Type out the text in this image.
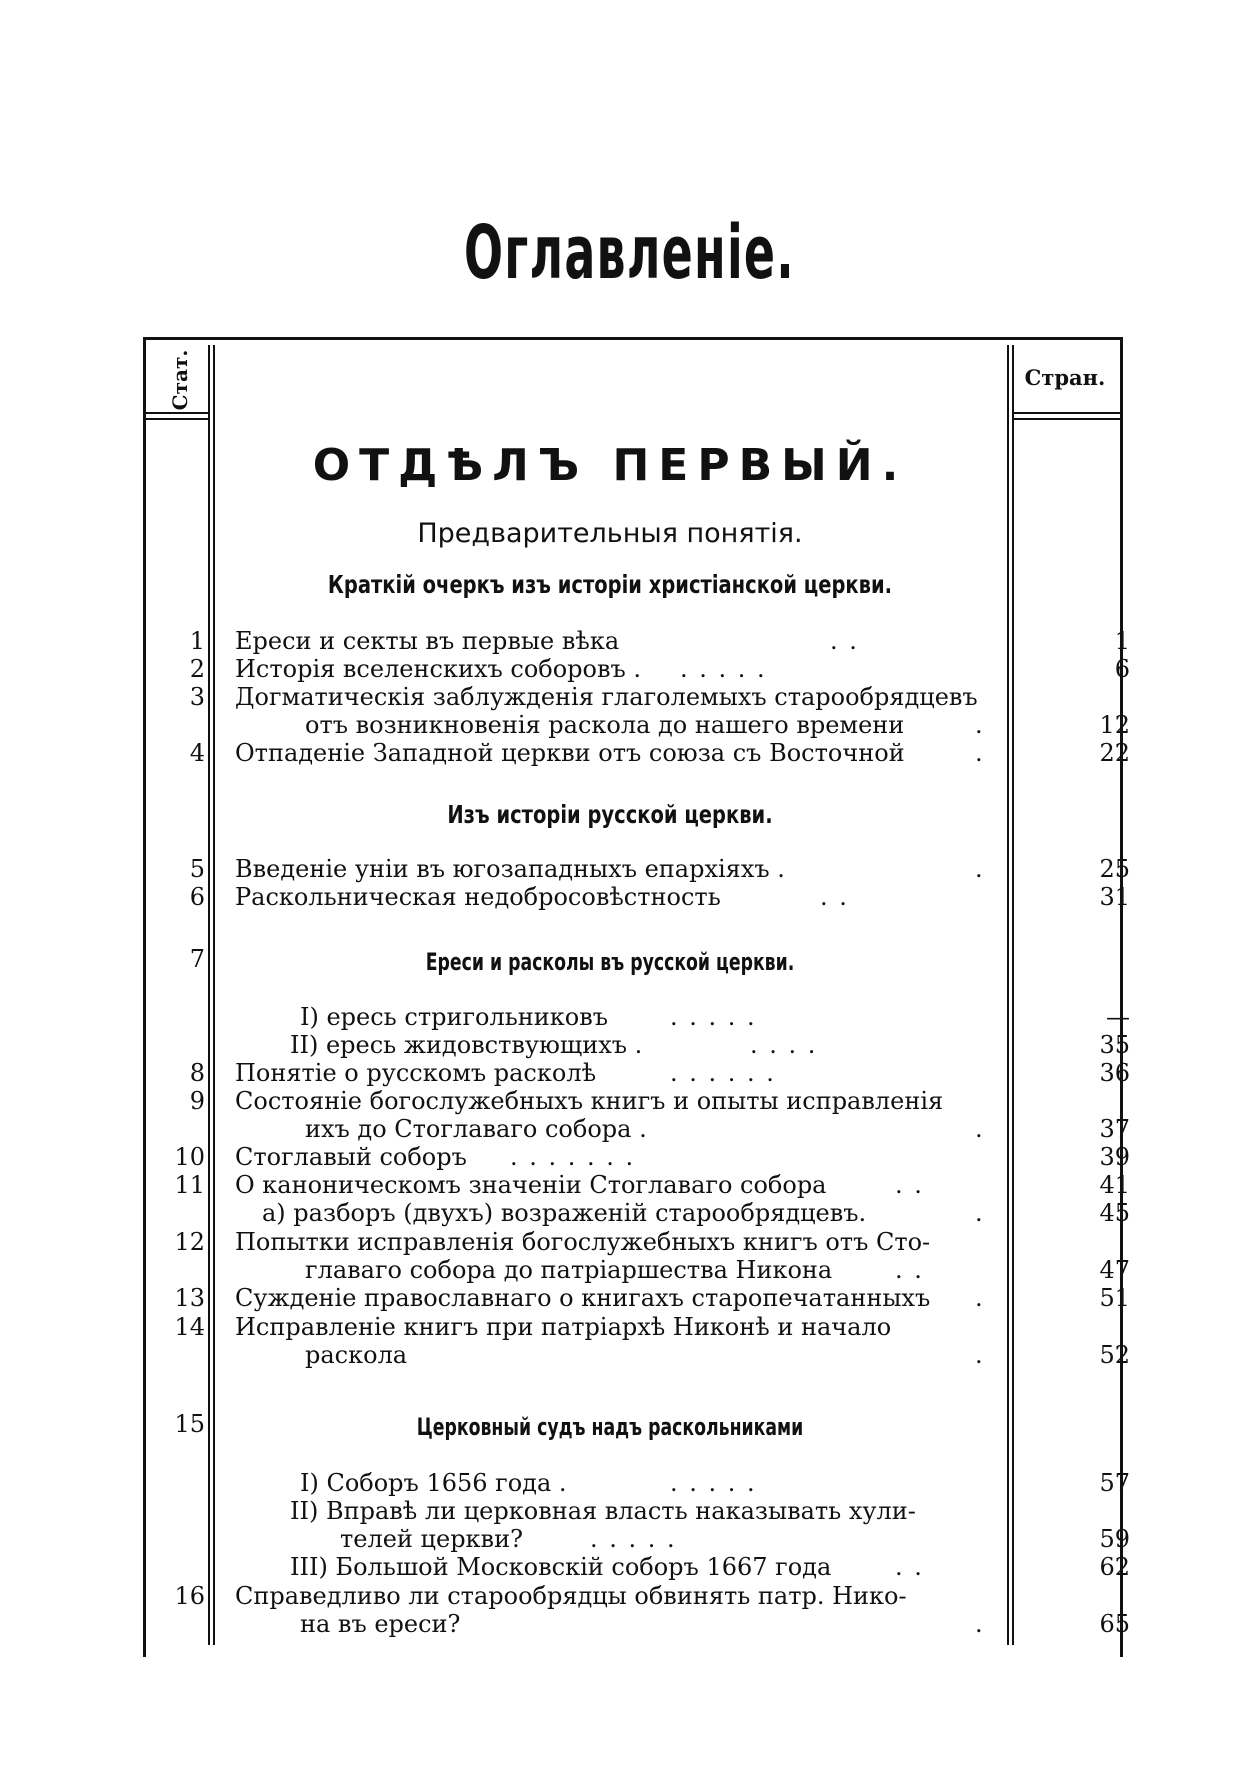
Оглавленіе.
Стат.	Стран.
ОТДѢЛЪ ПЕРВЫЙ.
Предварительныя понятія.
Краткій очеркъ изъ исторіи христіанской церкви.
Изъ исторіи русской церкви.
Ереси и расколы въ русской церкви.
Церковный судъ надъ раскольниками
1 Ереси и секты въ первые вѣка	. .	1
2 Исторія вселенскихъ соборовъ . . . . . .	6
3 Догматическія заблужденія глаголемыхъ старообрядцевъ
отъ возникновенія раскола до нашего времени	.	12
4 Отпаденіе Западной церкви отъ союза съ Восточной	.	22
5 Введеніе уніи въ югозападныхъ епархіяхъ .	.	25
6 Раскольническая недобросовѣстность	. .	31
7
I) ересь стригольниковъ	. . . . .	—
II) ересь жидовствующихъ .	. . . .	35
8 Понятіе о русскомъ расколѣ	. . . . . .	36
9 Состояніе богослужебныхъ книгъ и опыты исправленія
ихъ до Стоглаваго собора .	.	37
10 Стоглавый соборъ . . . . . . .	39
11 О каноническомъ значеніи Стоглаваго собора	. .	41
а) разборъ (двухъ) возраженій старообрядцевъ.	.	45
12 Попытки исправленія богослужебныхъ книгъ отъ Сто-
главаго собора до патріаршества Никона	. .	47
13 Сужденіе православнаго о книгахъ старопечатанныхъ .	51
14 Исправленіе книгъ при патріархѣ Никонѣ и начало
раскола	.	52
15
I) Соборъ 1656 года .	. . . . .	57
II) Вправѣ ли церковная власть наказывать хули-
телей церкви?	. . . . .	59
III) Большой Московскій соборъ 1667 года	. .	62
16 Справедливо ли старообрядцы обвинять патр. Нико-
на въ ереси?	.	65
